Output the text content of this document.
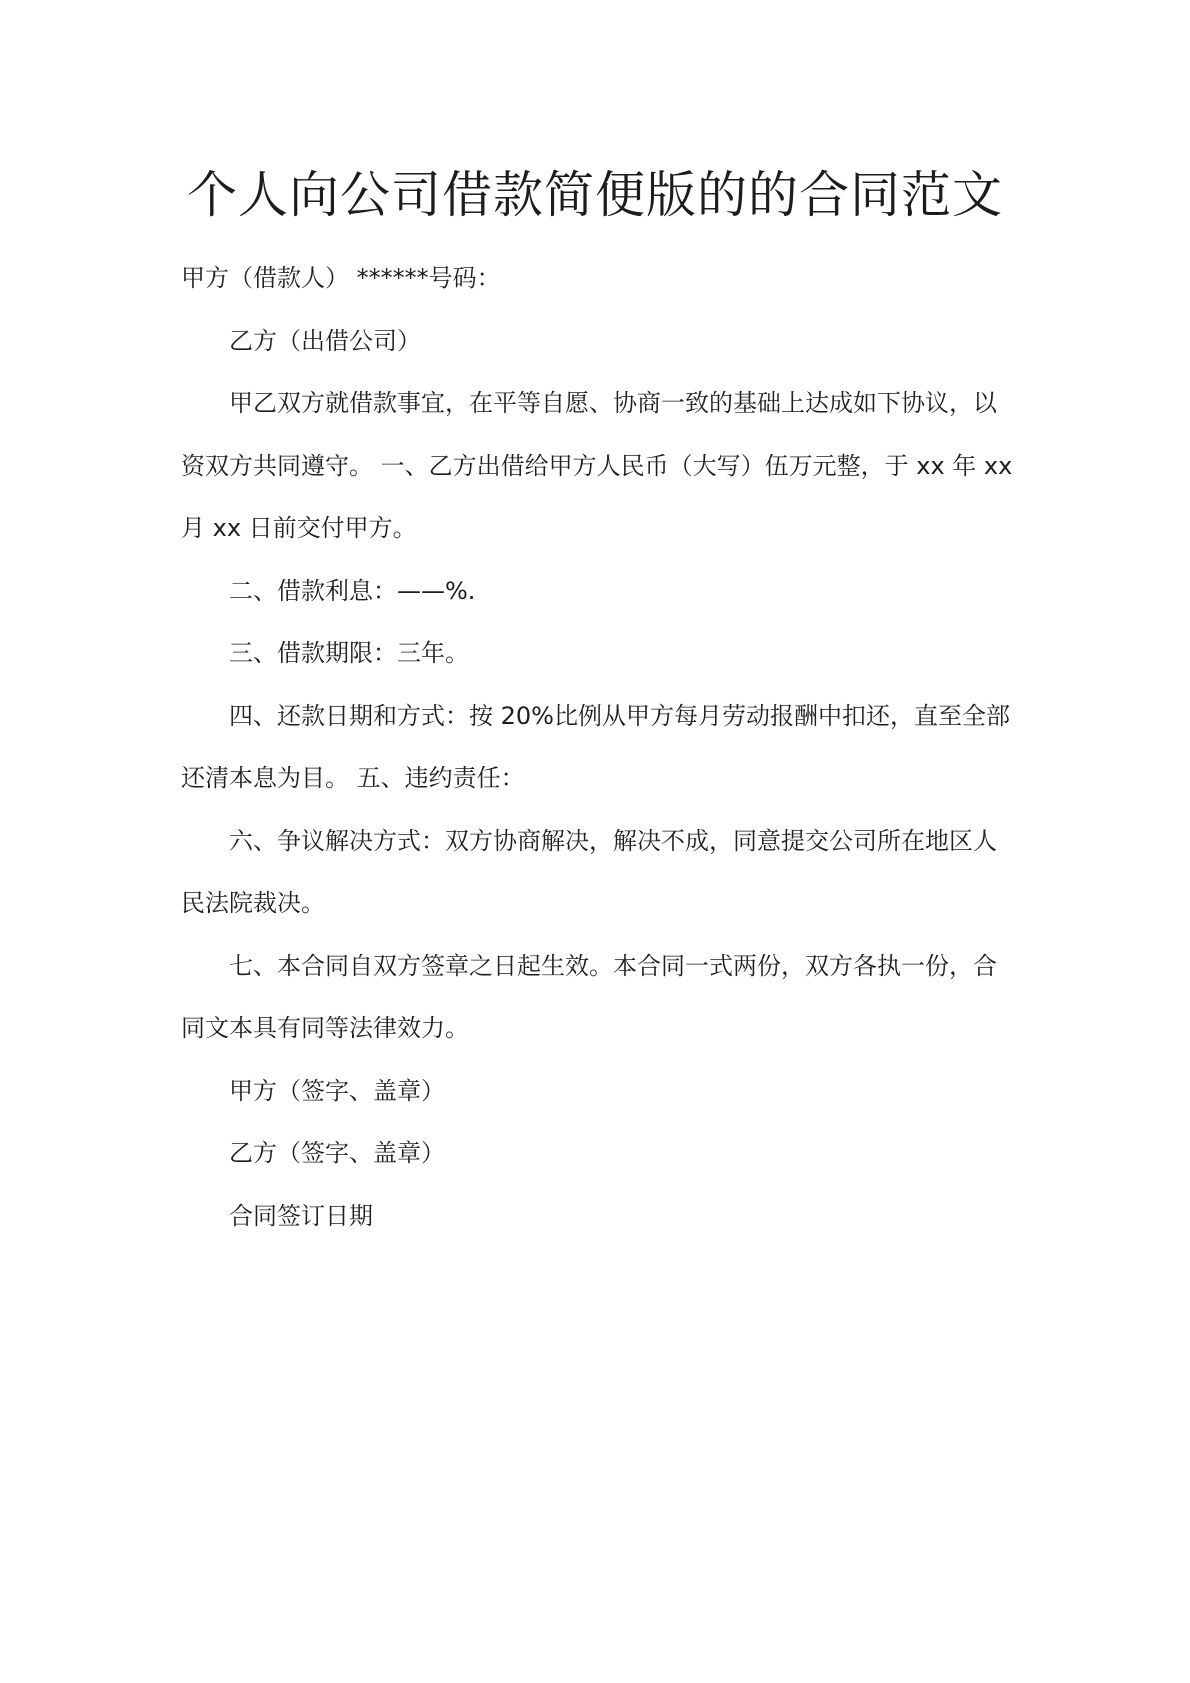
个人向公司借款简便版的的合同范文

甲方（借款人） ******号码：

乙方（出借公司）

甲乙双方就借款事宜，在平等自愿、协商一致的基础上达成如下协议，以资双方共同遵守。 一、乙方出借给甲方人民币（大写）伍万元整，于 xx 年 xx 月 xx 日前交付甲方。

二、借款利息：——%.

三、借款期限：三年。

四、还款日期和方式：按 20%比例从甲方每月劳动报酬中扣还，直至全部还清本息为目。 五、违约责任：

六、争议解决方式：双方协商解决，解决不成，同意提交公司所在地区人民法院裁决。

七、本合同自双方签章之日起生效。本合同一式两份，双方各执一份，合同文本具有同等法律效力。

甲方（签字、盖章）

乙方（签字、盖章）

合同签订日期
